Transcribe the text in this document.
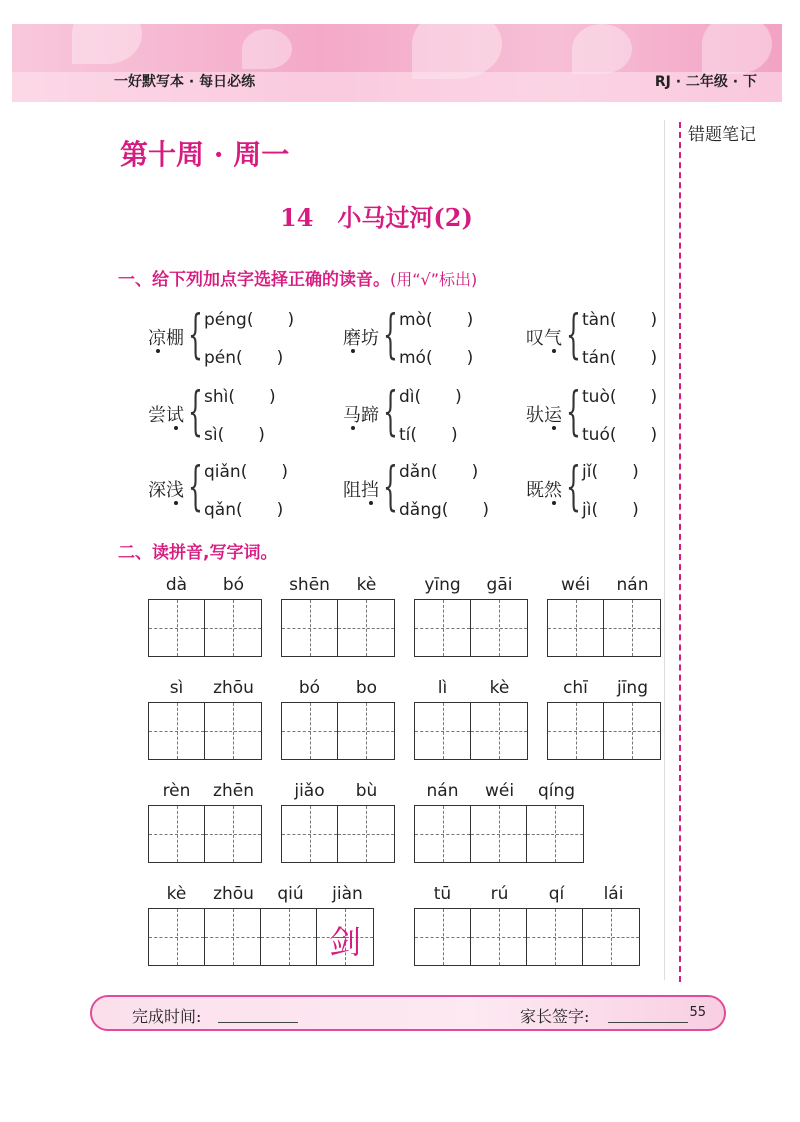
一好默写本 · 每日必练	RJ · 二年级 · 下
错题笔记
第十周 · 周一
14　小马过河(2)
一、给下列加点字选择正确的读音。(用“√”标出)
凉棚 { péng(　　)
pén(　　)
磨坊 { mò(　　)
mó(　　)
叹气 { tàn(　　)
tán(　　)
尝试 { shì(　　)
sì(　　)
马蹄 { dì(　　)
tí(　　)
驮运 { tuò(　　)
tuó(　　)
深浅 { qiǎn(　　)
qǎn(　　)
阻挡 { dǎn(　　)
dǎng(　　)
既然 { jǐ(　　)
jì(　　)
二、读拼音,写字词。
dà	bó	shēn	kè	yīng	gāi	wéi	nán
sì	zhōu	bó	bo	lì	kè	chī	jīng
rèn	zhēn	jiǎo	bù	nán	wéi	qíng
kè	zhōu	qiú	jiàn
剑
tū	rú	qí	lái
完成时间:	家长签字:	55
